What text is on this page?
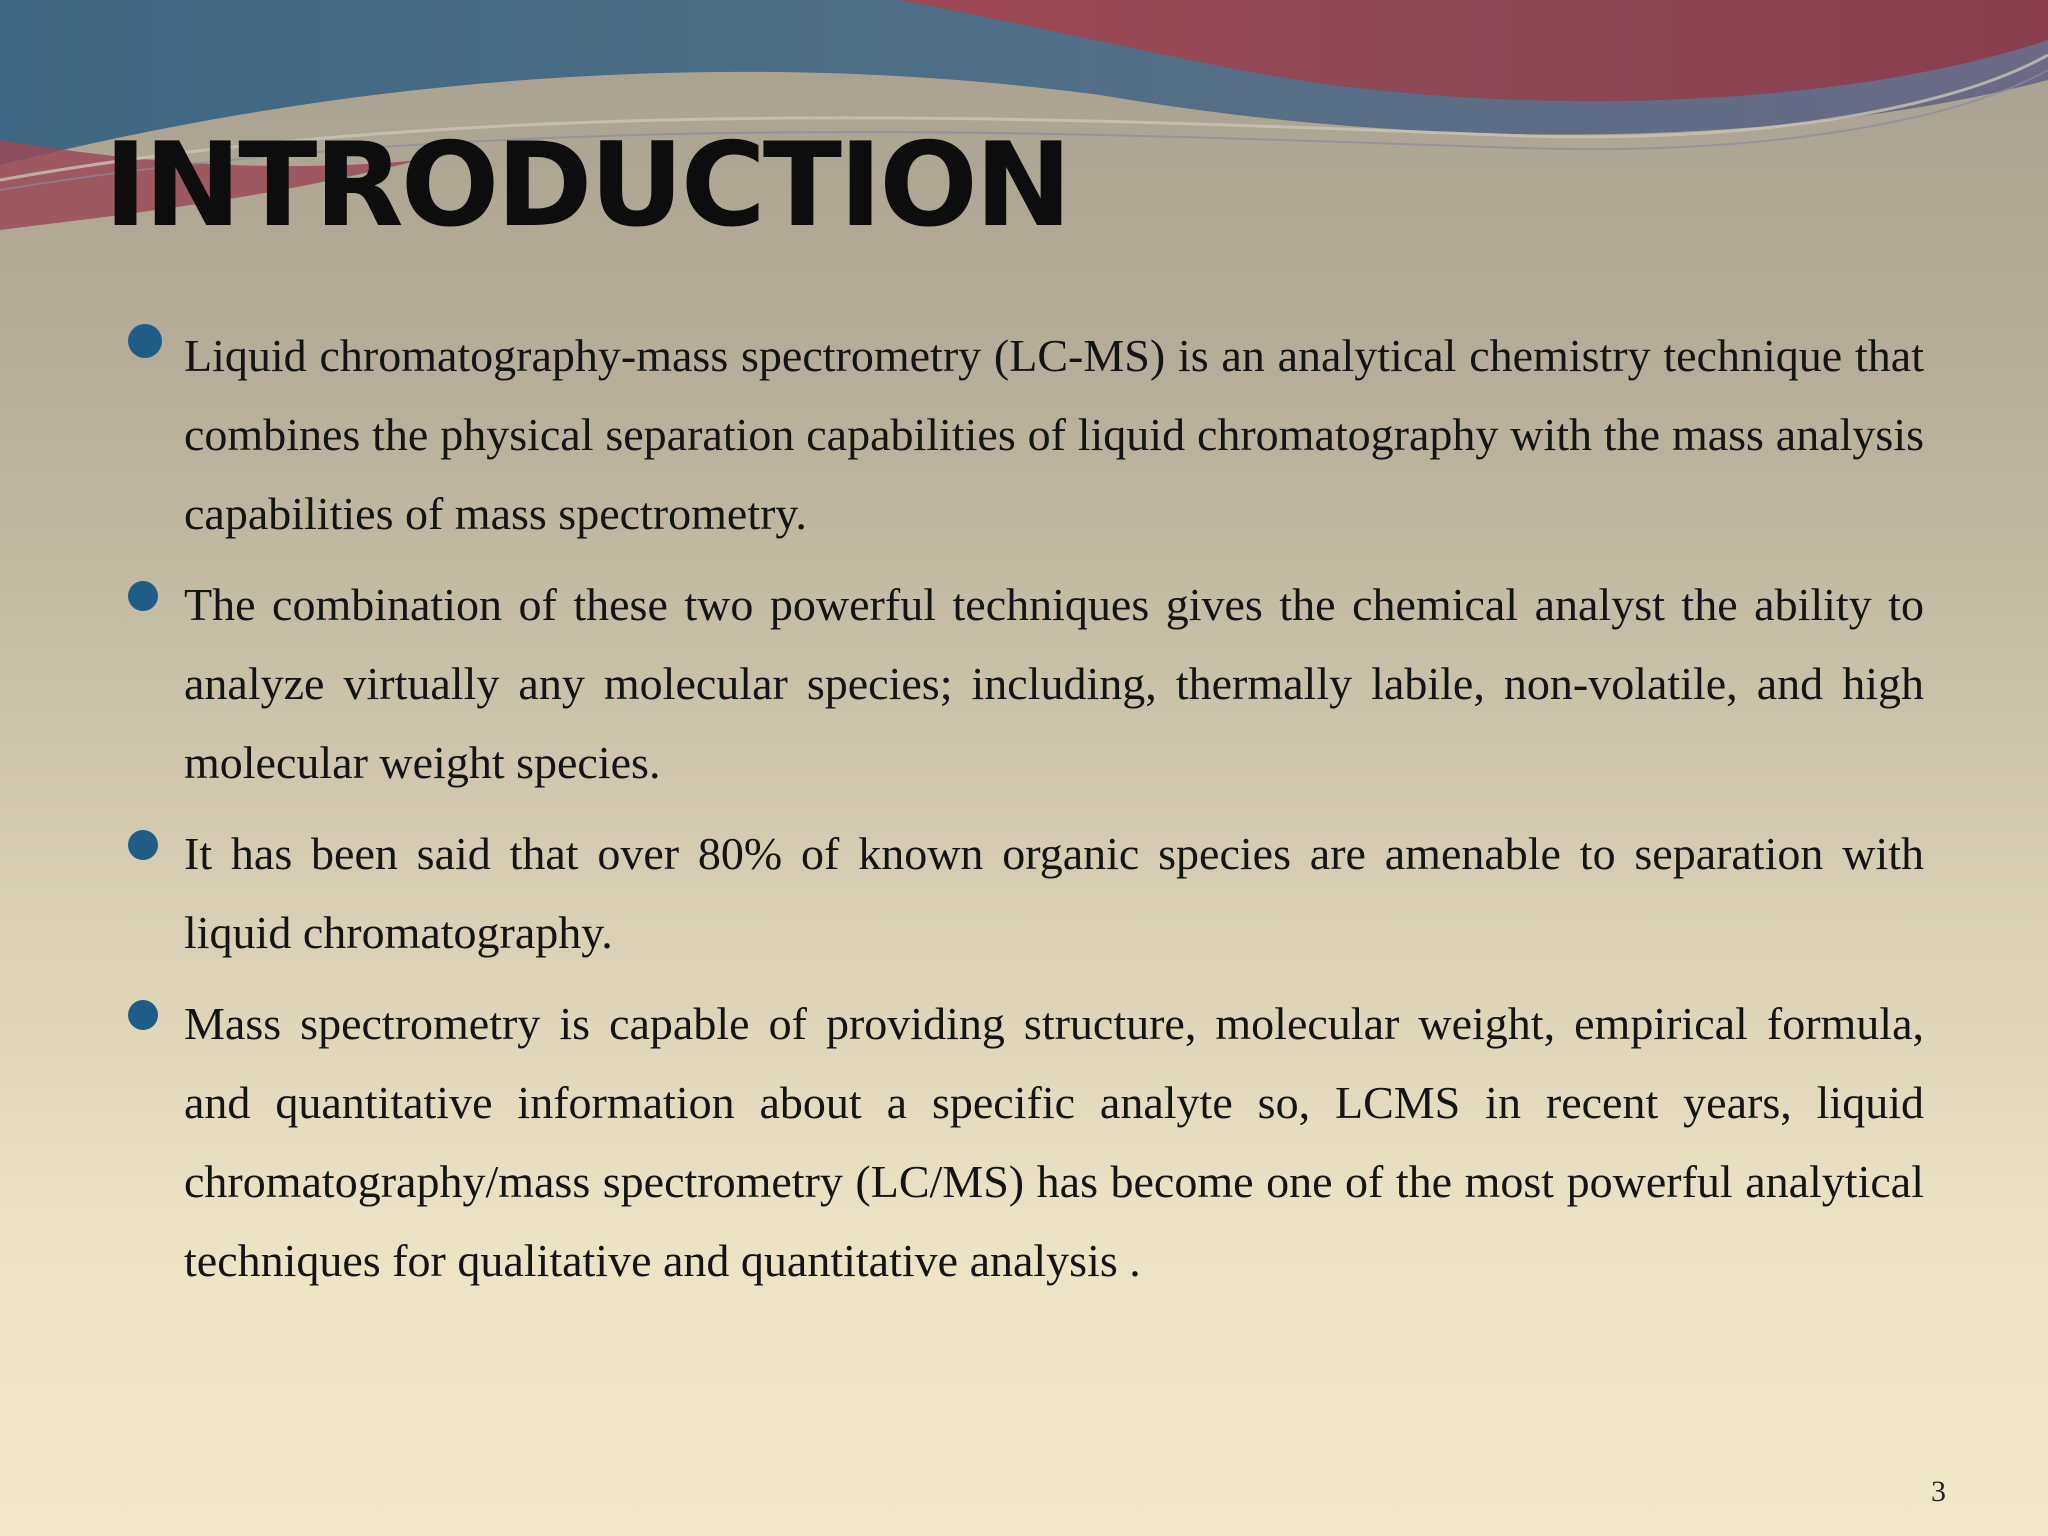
INTRODUCTION
Liquid chromatography-mass spectrometry (LC-MS) is an analytical chemistry technique that combines the physical separation capabilities of liquid chromatography with the mass analysis capabilities of mass spectrometry.
The combination of these two powerful techniques gives the chemical analyst the ability to analyze virtually any molecular species; including, thermally labile, non-volatile, and high molecular weight species.
It has been said that over 80% of known organic species are amenable to separation with liquid chromatography.
Mass spectrometry is capable of providing structure, molecular weight, empirical formula, and quantitative information about a specific analyte so, LCMS in recent years, liquid chromatography/mass spectrometry (LC/MS) has become one of the most powerful analytical techniques for qualitative and quantitative analysis .
3
